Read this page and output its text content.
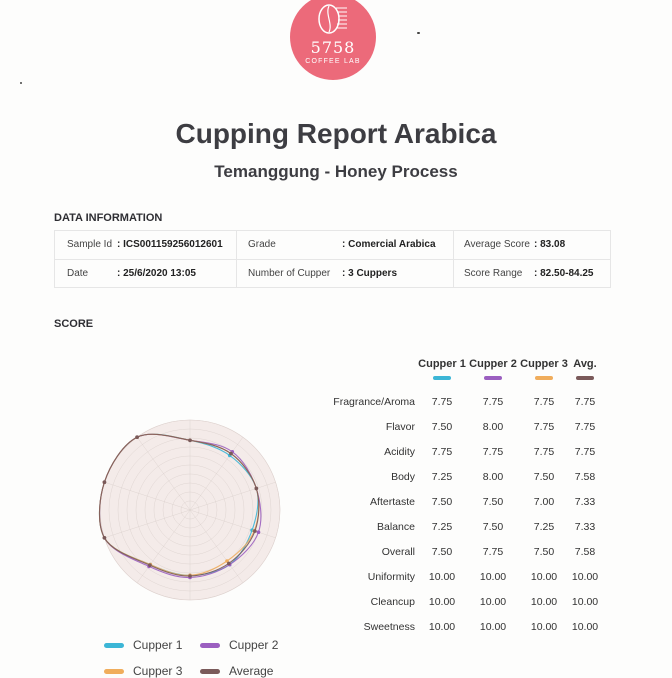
5758
COFFEE LAB
Cupping Report Arabica
Temanggung - Honey Process
DATA INFORMATION
Sample Id : ICS001159256012601	Grade	: Comercial Arabica	Average Score : 83.08
Date	: 25/6/2020 13:05	Number of Cupper : 3 Cuppers	Score Range : 82.50-84.25
SCORE
Cupper 1 Cupper 2 Cupper 3 Avg.
Fragrance/Aroma	7.75	7.75	7.75	7.75
Flavor	7.50	8.00	7.75	7.75
Acidity	7.75	7.75	7.75	7.75
Body	7.25	8.00	7.50	7.58
Aftertaste	7.50	7.50	7.00	7.33
Balance	7.25	7.50	7.25	7.33
Overall	7.50	7.75	7.50	7.58
Uniformity	10.00	10.00	10.00	10.00
Cleancup	10.00	10.00	10.00	10.00
Sweetness	10.00	10.00	10.00	10.00
Cupper 1	Cupper 2
Cupper 3	Average
